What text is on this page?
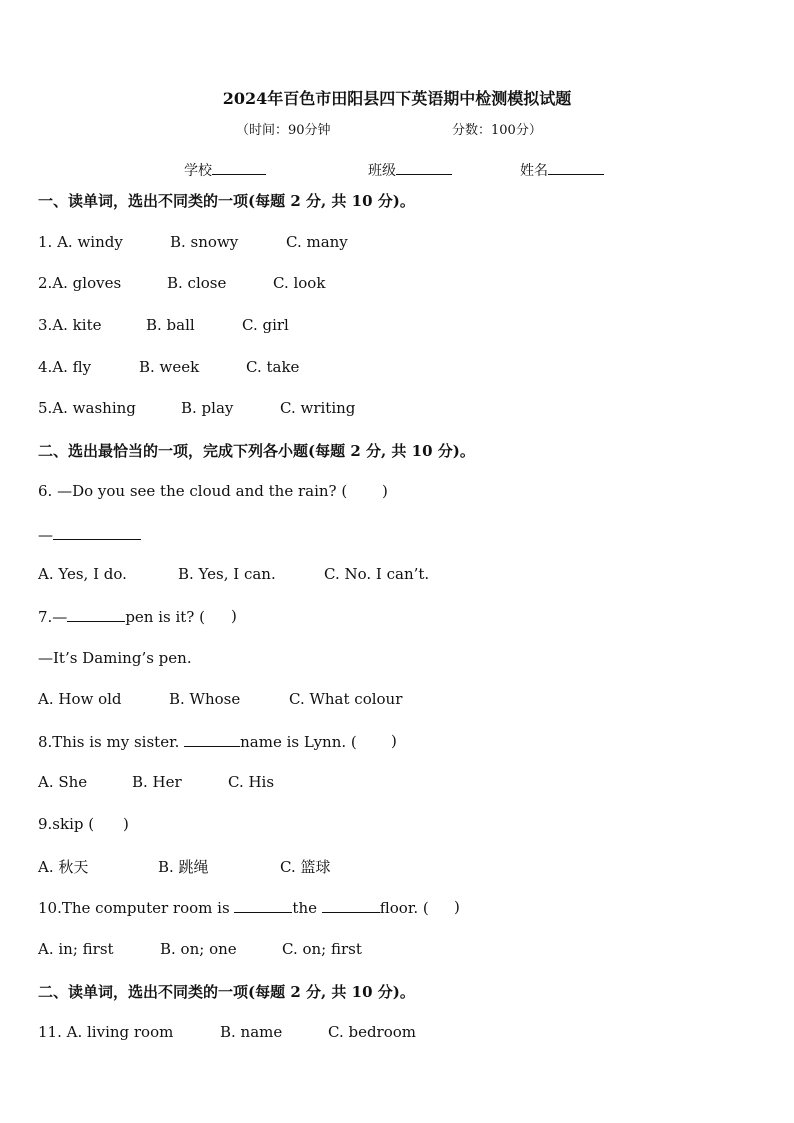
2024年百色市田阳县四下英语期中检测模拟试题
（时间：90分钟	分数：100分）
学校	班级	姓名
一、读单词，选出不同类的一项(每题 2 分, 共 10 分)。
1. A. windy	B. snowy	C. many
2.A. gloves	B. close	C. look
3.A. kite	B. ball	C. girl
4.A. fly	B. week	C. take
5.A. washing	B. play	C. writing
二、选出最恰当的一项，完成下列各小题(每题 2 分, 共 10 分)。
6. —Do you see the cloud and the rain? ( )
—
A. Yes, I do.	B. Yes, I can.	C. No. I can’t.
7.—	pen is it? ( )
—It’s Daming’s pen.
A. How old	B. Whose	C. What colour
8.This is my sister.	name is Lynn. ( )
A. She	B. Her	C. His
9.skip ( )
A. 秋天	B. 跳绳	C. 篮球
10.The computer room is	the	floor. ( )
A. in; first	B. on; one	C. on; first
二、读单词，选出不同类的一项(每题 2 分, 共 10 分)。
11. A. living room	B. name	C. bedroom
